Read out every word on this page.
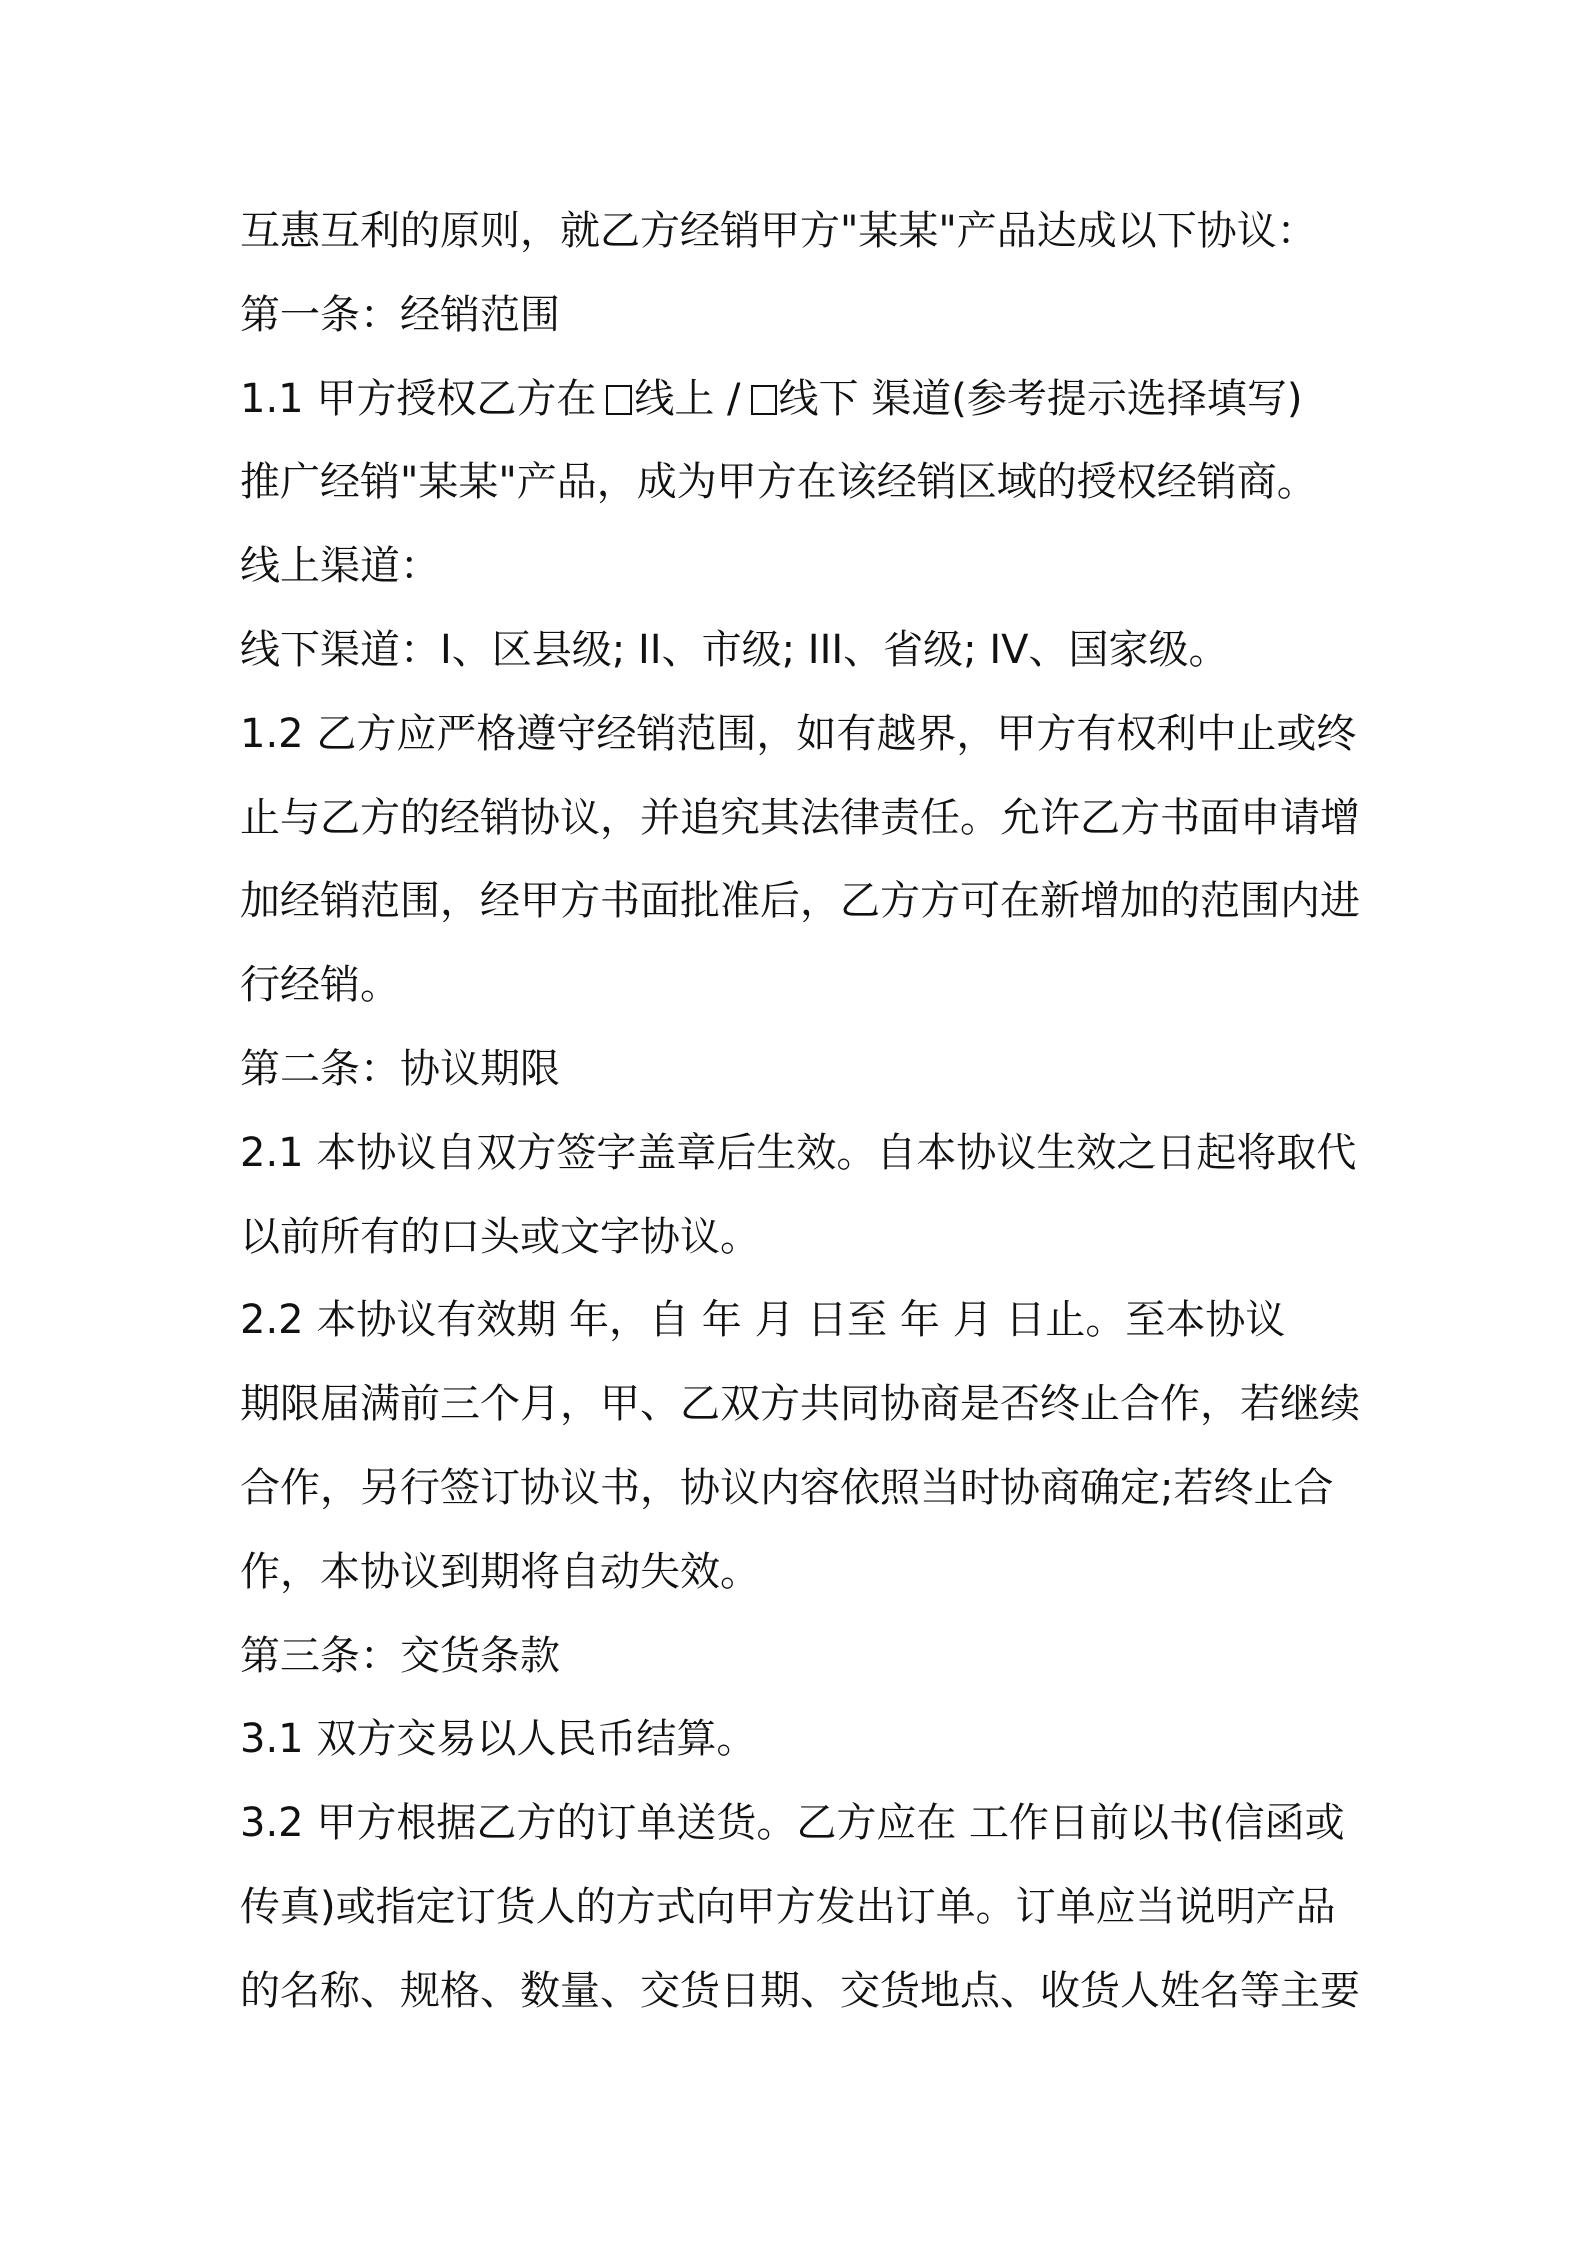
互惠互利的原则，就乙方经销甲方"某某"产品达成以下协议：
第一条：经销范围
1.1 甲方授权乙方在 线上 / 线下 渠道(参考提示选择填写)
推广经销"某某"产品，成为甲方在该经销区域的授权经销商。
线上渠道：
线下渠道：I、区县级; II、市级; III、省级; IV、国家级。
1.2 乙方应严格遵守经销范围，如有越界，甲方有权利中止或终
止与乙方的经销协议，并追究其法律责任。允许乙方书面申请增
加经销范围，经甲方书面批准后，乙方方可在新增加的范围内进
行经销。
第二条：协议期限
2.1 本协议自双方签字盖章后生效。自本协议生效之日起将取代
以前所有的口头或文字协议。
2.2 本协议有效期 年，自 年 月 日至 年 月 日止。至本协议
期限届满前三个月，甲、乙双方共同协商是否终止合作，若继续
合作，另行签订协议书，协议内容依照当时协商确定;若终止合
作，本协议到期将自动失效。
第三条：交货条款
3.1 双方交易以人民币结算。
3.2 甲方根据乙方的订单送货。乙方应在 工作日前以书(信函或
传真)或指定订货人的方式向甲方发出订单。订单应当说明产品
的名称、规格、数量、交货日期、交货地点、收货人姓名等主要
